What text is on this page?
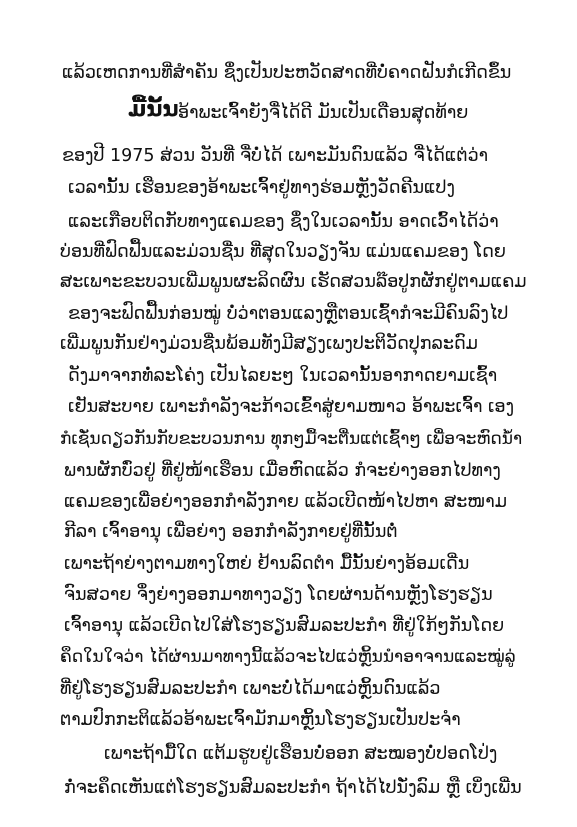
ແລ້ວເຫດການທີ່ສຳຄັນ ຊຶ່ງເປັນປະຫວັດສາດທີ່ບໍ່ຄາດຝັນກໍເກີດຂຶ້ນ
ມື້ນັ້ນ ອ້າພະເຈົ້າຍັງຈື່ໄດ້ດີ ມັນເປັນເດືອນສຸດທ້າຍ
ຂອງປີ 1975 ສ່ວນ ວັນທີ່ ຈື່ບໍ່ໄດ້ ເພາະມັນດົນແລ້ວ ຈື່ໄດ້ແຕ່ວ່າ
ເວລານັ້ນ ເຮືອນຂອງອ້າພະເຈົ້າຢູ່ທາງຮ່ອມຫຼັງວັດຄີນແປງ
ແລະເກືອບຕິດກັບທາງແຄມຂອງ ຊຶ່ງໃນເວລານັ້ນ ອາດເວົ້າໄດ້ວ່າ
ບ່ອນທີ່ຟົດຟື້ນແລະມ່ວນຊື່ນ ທີ່ສຸດໃນວຽງຈັນ ແມ່ນແຄມຂອງ ໂດຍ
ສະເພາະຂະບວນເພີ່ມພູນຜະລິດຜົນ ເຮັດສວນລ໊ອປູກຜັກຢູ່ຕາມແຄມ
ຂອງຈະຟົດຟື້ນກ່ອນໝູ່ ບໍ່ວ່າຕອນແລງຫຼືຕອນເຊົ້າກໍຈະມີຄົນລົງໄປ
ເພີ່ມພູນກັນຢ່າງມ່ວນຊື່ນພ້ອມທັງມີສຽງເພງປະຕິວັດປຸກລະດົມ
ດັງມາຈາກທໍ່ລະໂຄ່ງ ເປັນໄລຍະໆ ໃນເວລານັ້ນອາກາດຍາມເຊົ້າ
ເຢັນສະບາຍ ເພາະກຳລັງຈະກ້າວເຂົ້າສູ່ຍາມໜາວ ອ້າພະເຈົ້າ ເອງ
ກໍເຊັ່ນດຽວກັນກັບຂະບວນການ ທຸກໆມື້ຈະຕື່ນແຕ່ເຊົ້າໆ ເພື່ອຈະຫົດນ້ຳ
ພານຜັກບົ່ວຢູ່ ທີ່ຢູ່ໜ້າເຮືອນ ເມື່ອຫົດແລ້ວ ກໍຈະຍ່າງອອກໄປທາງ
ແຄມຂອງເພື່ອຍ່າງອອກກຳລັງກາຍ ແລ້ວເບີດໜ້າໄປຫາ ສະໜາມ
ກີລາ ເຈົ້າອານຸ ເພື່ອຍ່າງ ອອກກຳລັງກາຍຢູ່ທີ່ນັ້ນຕໍ່
ເພາະຖ້າຍ່າງຕາມທາງໃຫຍ່ ຢ້ານລົດຕຳ ມື້ນັ້ນຍ່າງອ້ອມເດີ່ນ
ຈົນສວາຍ ຈຶ່ງຍ່າງອອກມາທາງວຽງ ໂດຍຜ່ານດ້ານຫຼັງໂຮງຮຽນ
ເຈົ້າອານຸ ແລ້ວເບີດໄປໃສ່ໂຮງຮຽນສົມລະປະກຳ ທີ່ຢູ່ໃກ້ໆກັນໂດຍ
ຄຶດໃນໃຈວ່າ ໄດ້ຜ່ານມາທາງນີ້ແລ້ວຈະໄປແວ່ຫຼິ້ນນຳອາຈານແລະໝູ່ລູ່
ທີ່ຢູ່ໂຮງຮຽນສົມລະປະກຳ ເພາະບໍ່ໄດ້ມາແວ່ຫຼິ້ນດົນແລ້ວ
ຕາມປົກກະຕິແລ້ວອ້າພະເຈົ້າມັກມາຫຼິ້ນໂຮງຮຽນເປັນປະຈຳ
ເພາະຖ້າມື້ໃດ ແຕ້ມຮູບຢູ່ເຮືອນບໍ່ອອກ ສະໝອງບໍ່ປອດໂປ່ງ
ກໍ່ຈະຄຶດເຫັນແຕ່ໂຮງຮຽນສົມລະປະກຳ ຖ້າໄດ້ໄປນັ່ງລົມ ຫຼື ເບິ່ງເພີ່ນ
